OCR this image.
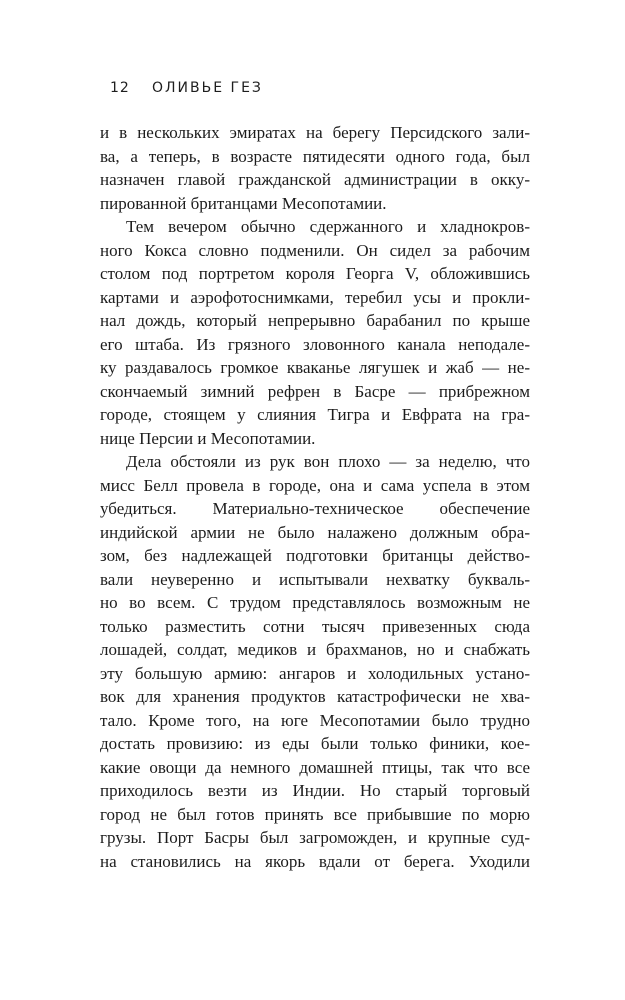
12 ОЛИВЬЕ ГЕЗ
и в нескольких эмиратах на берегу Персидского зали-
ва, а теперь, в возрасте пятидесяти одного года, был
назначен главой гражданской администрации в окку-
пированной британцами Месопотамии.
Тем вечером обычно сдержанного и хладнокров-
ного Кокса словно подменили. Он сидел за рабочим
столом под портретом короля Георга V, обложившись
картами и аэрофотоснимками, теребил усы и прокли-
нал дождь, который непрерывно барабанил по крыше
его штаба. Из грязного зловонного канала неподале-
ку раздавалось громкое кваканье лягушек и жаб — не-
скончаемый зимний рефрен в Басре — прибрежном
городе, стоящем у слияния Тигра и Евфрата на гра-
нице Персии и Месопотамии.
Дела обстояли из рук вон плохо — за неделю, что
мисс Белл провела в городе, она и сама успела в этом
убедиться. Материально-техническое обеспечение
индийской армии не было налажено должным обра-
зом, без надлежащей подготовки британцы действо-
вали неуверенно и испытывали нехватку букваль-
но во всем. С трудом представлялось возможным не
только разместить сотни тысяч привезенных сюда
лошадей, солдат, медиков и брахманов, но и снабжать
эту большую армию: ангаров и холодильных устано-
вок для хранения продуктов катастрофически не хва-
тало. Кроме того, на юге Месопотамии было трудно
достать провизию: из еды были только финики, кое-
какие овощи да немного домашней птицы, так что все
приходилось везти из Индии. Но старый торговый
город не был готов принять все прибывшие по морю
грузы. Порт Басры был загроможден, и крупные суд-
на становились на якорь вдали от берега. Уходили
